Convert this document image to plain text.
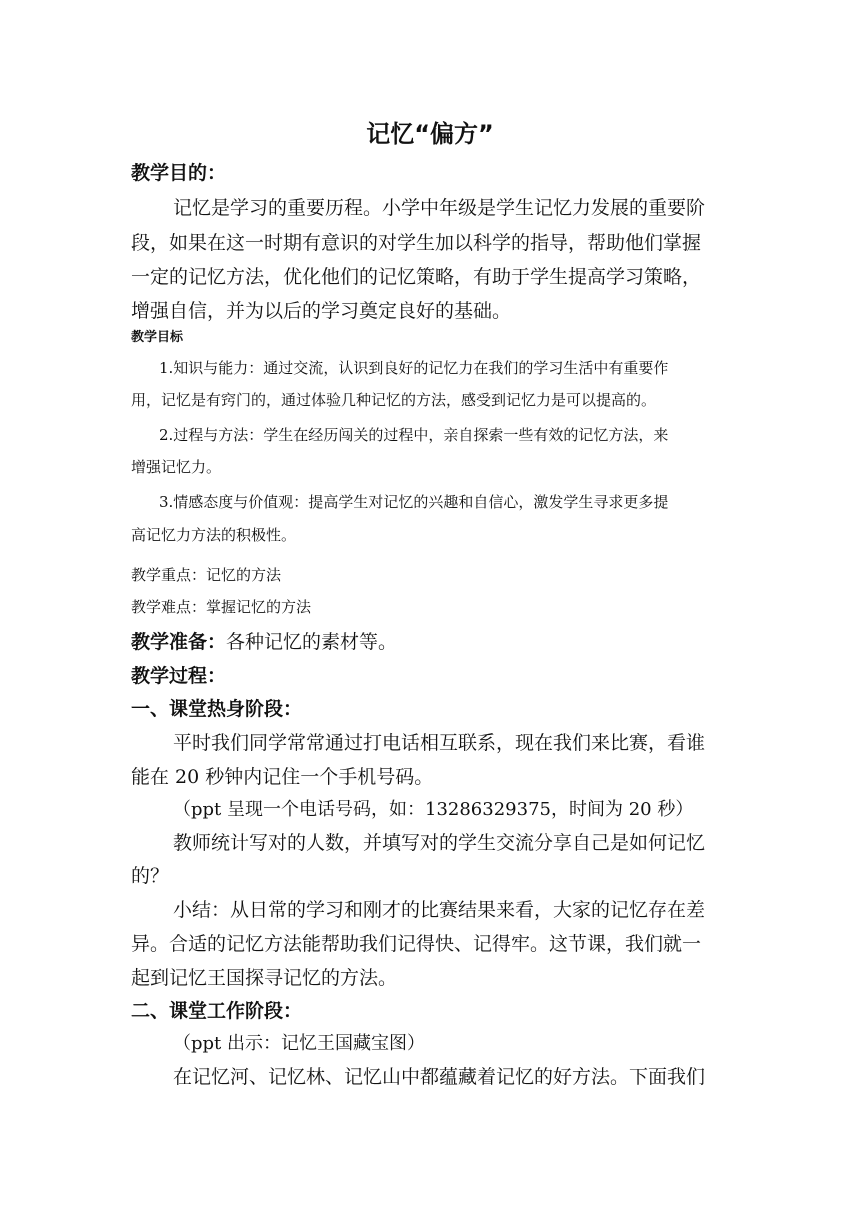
记忆“偏方”
教学目的：
记忆是学习的重要历程。小学中年级是学生记忆力发展的重要阶
段，如果在这一时期有意识的对学生加以科学的指导，帮助他们掌握
一定的记忆方法，优化他们的记忆策略，有助于学生提高学习策略，
增强自信，并为以后的学习奠定良好的基础。
教学目标
1.知识与能力：通过交流，认识到良好的记忆力在我们的学习生活中有重要作
用，记忆是有窍门的，通过体验几种记忆的方法，感受到记忆力是可以提高的。
2.过程与方法：学生在经历闯关的过程中，亲自探索一些有效的记忆方法，来
增强记忆力。
3.情感态度与价值观：提高学生对记忆的兴趣和自信心，激发学生寻求更多提
高记忆力方法的积极性。
教学重点：记忆的方法
教学难点：掌握记忆的方法
教学准备：各种记忆的素材等。
教学过程：
一、课堂热身阶段：
平时我们同学常常通过打电话相互联系，现在我们来比赛，看谁
能在 20 秒钟内记住一个手机号码。
（ppt 呈现一个电话号码，如：13286329375，时间为 20 秒）
教师统计写对的人数，并填写对的学生交流分享自己是如何记忆
的？
小结：从日常的学习和刚才的比赛结果来看，大家的记忆存在差
异。合适的记忆方法能帮助我们记得快、记得牢。这节课，我们就一
起到记忆王国探寻记忆的方法。
二、课堂工作阶段：
（ppt 出示：记忆王国藏宝图）
在记忆河、记忆林、记忆山中都蕴藏着记忆的好方法。下面我们
